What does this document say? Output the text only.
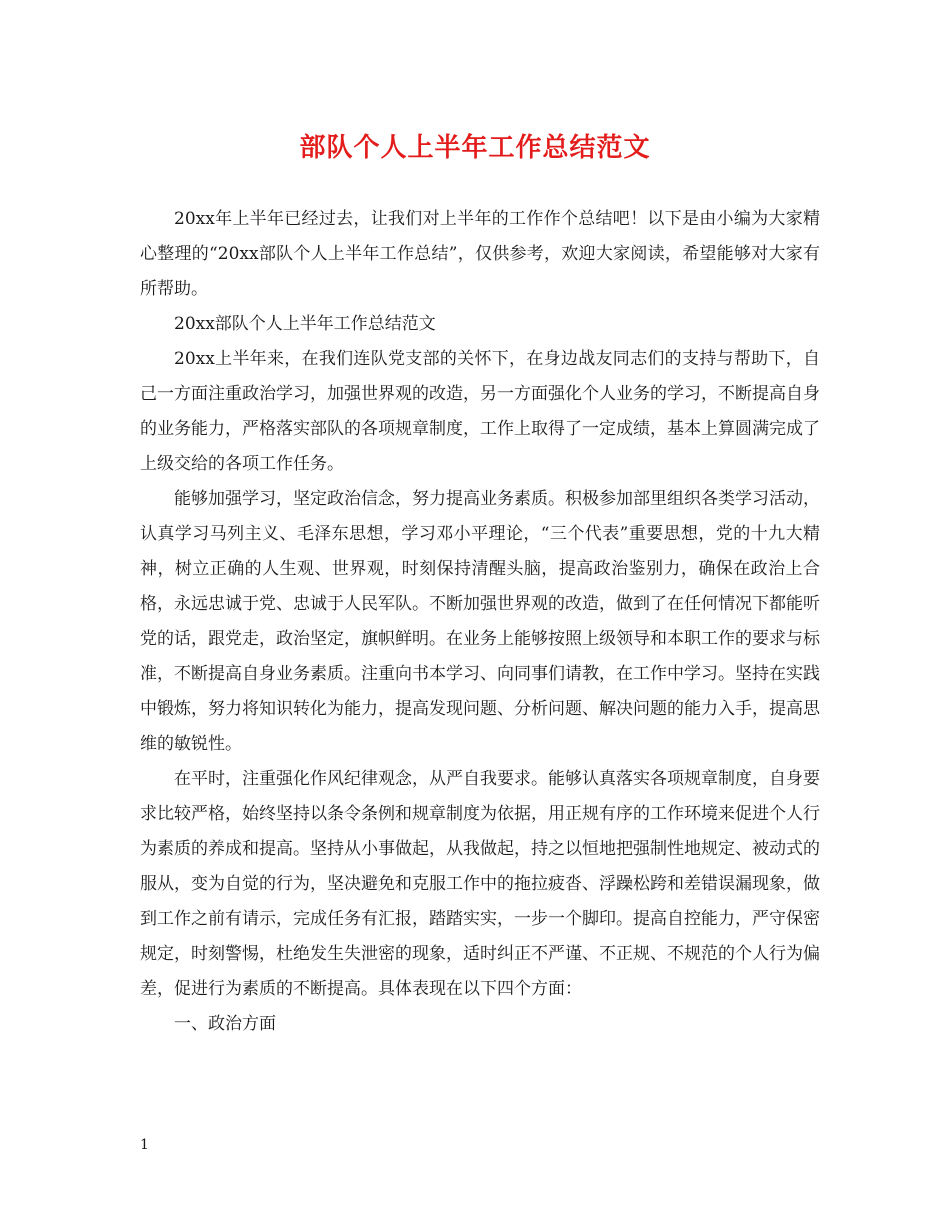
部队个人上半年工作总结范文

20xx年上半年已经过去，让我们对上半年的工作作个总结吧！以下是由小编为大家精心整理的“20xx部队个人上半年工作总结”，仅供参考，欢迎大家阅读，希望能够对大家有所帮助。

20xx部队个人上半年工作总结范文

20xx上半年来，在我们连队党支部的关怀下，在身边战友同志们的支持与帮助下，自己一方面注重政治学习，加强世界观的改造，另一方面强化个人业务的学习，不断提高自身的业务能力，严格落实部队的各项规章制度，工作上取得了一定成绩，基本上算圆满完成了上级交给的各项工作任务。

能够加强学习，坚定政治信念，努力提高业务素质。积极参加部里组织各类学习活动，认真学习马列主义、毛泽东思想，学习邓小平理论，“三个代表”重要思想，党的十九大精神，树立正确的人生观、世界观，时刻保持清醒头脑，提高政治鉴别力，确保在政治上合格，永远忠诚于党、忠诚于人民军队。不断加强世界观的改造，做到了在任何情况下都能听党的话，跟党走，政治坚定，旗帜鲜明。在业务上能够按照上级领导和本职工作的要求与标准，不断提高自身业务素质。注重向书本学习、向同事们请教，在工作中学习。坚持在实践中锻炼，努力将知识转化为能力，提高发现问题、分析问题、解决问题的能力入手，提高思维的敏锐性。

在平时，注重强化作风纪律观念，从严自我要求。能够认真落实各项规章制度，自身要求比较严格，始终坚持以条令条例和规章制度为依据，用正规有序的工作环境来促进个人行为素质的养成和提高。坚持从小事做起，从我做起，持之以恒地把强制性地规定、被动式的服从，变为自觉的行为，坚决避免和克服工作中的拖拉疲沓、浮躁松跨和差错误漏现象，做到工作之前有请示，完成任务有汇报，踏踏实实，一步一个脚印。提高自控能力，严守保密规定，时刻警惕，杜绝发生失泄密的现象，适时纠正不严谨、不正规、不规范的个人行为偏差，促进行为素质的不断提高。具体表现在以下四个方面：

一、政治方面

1
